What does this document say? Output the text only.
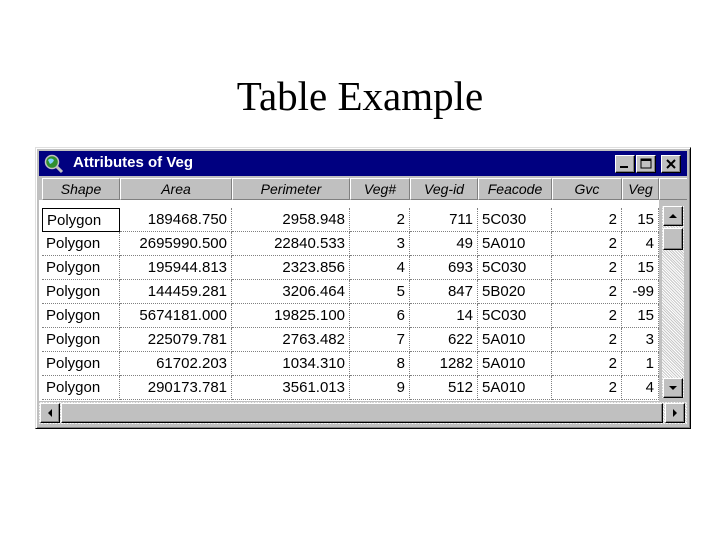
Table Example
Attributes of Veg
Shape	Area	Perimeter	Veg#	Veg-id	Feacode	Gvc	Veg
Polygon	189468.750	2958.948	2	711 5C030	2	15
Polygon	2695990.500	22840.533	3	49 5A010	2	4
Polygon	195944.813	2323.856	4	693 5C030	2	15
Polygon	144459.281	3206.464	5	847 5B020	2	-99
Polygon	5674181.000	19825.100	6	14 5C030	2	15
Polygon	225079.781	2763.482	7	622 5A010	2	3
Polygon	61702.203	1034.310	8	1282 5A010	2	1
Polygon	290173.781	3561.013	9	512 5A010	2	4
